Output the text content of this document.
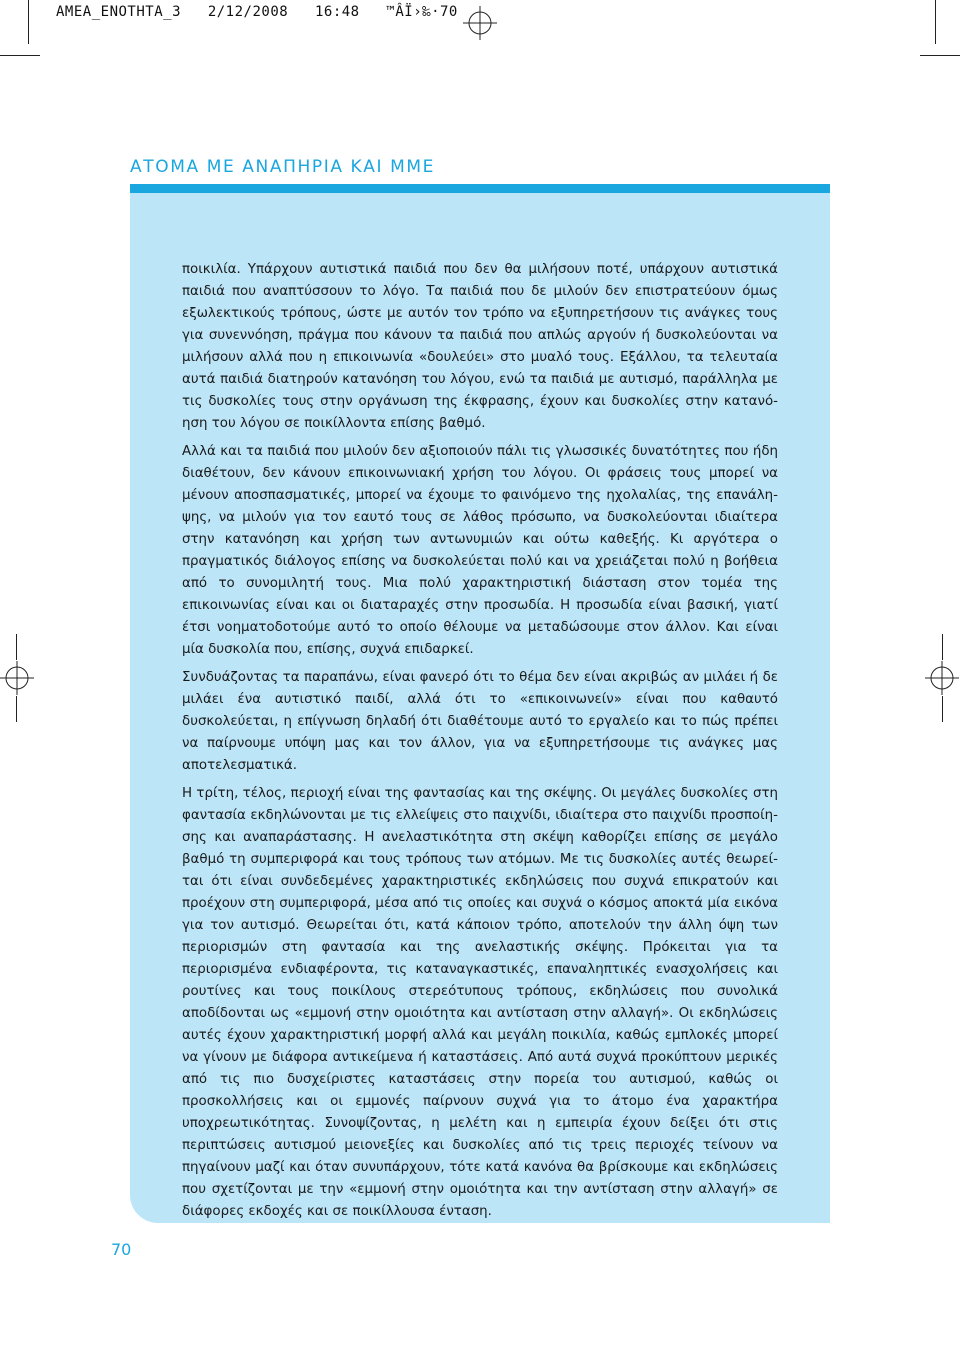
AMEA_ENOTHTA_3 2/12/2008 16:48 ™ÂÏ›‰·70
ΑΤΟΜΑ ΜΕ ΑΝΑΠΗΡΙΑ ΚΑΙ ΜΜΕ

ποικιλία. Υπάρχουν αυτιστικά παιδιά που δεν θα μιλήσουν ποτέ, υπάρχουν αυτιστικά παιδιά που αναπτύσσουν το λόγο. Τα παιδιά που δε μιλούν δεν επιστρατεύουν όμως εξωλεκτικούς τρόπους, ώστε με αυτόν τον τρόπο να εξυπηρετήσουν τις ανάγκες τους για συνεννόηση, πράγμα που κάνουν τα παιδιά που απλώς αργούν ή δυσκολεύονται να μιλήσουν αλλά που η επικοινωνία «δουλεύει» στο μυαλό τους. Εξάλλου, τα τελευταία αυτά παιδιά διατηρούν κατανόηση του λόγου, ενώ τα παιδιά με αυτισμό, παράλληλα με τις δυσκολίες τους στην οργάνωση της έκφρασης, έχουν και δυσκολίες στην κατανόηση του λόγου σε ποικίλλοντα επίσης βαθμό.

Αλλά και τα παιδιά που μιλούν δεν αξιοποιούν πάλι τις γλωσσικές δυνατότητες που ήδη διαθέτουν, δεν κάνουν επικοινωνιακή χρήση του λόγου. Οι φράσεις τους μπορεί να μένουν αποσπασματικές, μπορεί να έχουμε το φαινόμενο της ηχολαλίας, της επανάληψης, να μιλούν για τον εαυτό τους σε λάθος πρόσωπο, να δυσκολεύονται ιδιαίτερα στην κατανόηση και χρήση των αντωνυμιών και ούτω καθεξής. Κι αργότερα ο πραγματικός διάλογος επίσης να δυσκολεύεται πολύ και να χρειάζεται πολύ η βοήθεια από το συνομιλητή τους. Μια πολύ χαρακτηριστική διάσταση στον τομέα της επικοινωνίας είναι και οι διαταραχές στην προσωδία. Η προσωδία είναι βασική, γιατί έτσι νοηματοδοτούμε αυτό το οποίο θέλουμε να μεταδώσουμε στον άλλον. Και είναι μία δυσκολία που, επίσης, συχνά επιδαρκεί.

Συνδυάζοντας τα παραπάνω, είναι φανερό ότι το θέμα δεν είναι ακριβώς αν μιλάει ή δε μιλάει ένα αυτιστικό παιδί, αλλά ότι το «επικοινωνείν» είναι που καθαυτό δυσκολεύεται, η επίγνωση δηλαδή ότι διαθέτουμε αυτό το εργαλείο και το πώς πρέπει να παίρνουμε υπόψη μας και τον άλλον, για να εξυπηρετήσουμε τις ανάγκες μας αποτελεσματικά.

Η τρίτη, τέλος, περιοχή είναι της φαντασίας και της σκέψης. Οι μεγάλες δυσκολίες στη φαντασία εκδηλώνονται με τις ελλείψεις στο παιχνίδι, ιδιαίτερα στο παιχνίδι προσποίησης και αναπαράστασης. Η ανελαστικότητα στη σκέψη καθορίζει επίσης σε μεγάλο βαθμό τη συμπεριφορά και τους τρόπους των ατόμων. Με τις δυσκολίες αυτές θεωρείται ότι είναι συνδεδεμένες χαρακτηριστικές εκδηλώσεις που συχνά επικρατούν και προέχουν στη συμπεριφορά, μέσα από τις οποίες και συχνά ο κόσμος αποκτά μία εικόνα για τον αυτισμό. Θεωρείται ότι, κατά κάποιον τρόπο, αποτελούν την άλλη όψη των περιορισμών στη φαντασία και της ανελαστικής σκέψης. Πρόκειται για τα περιορισμένα ενδιαφέροντα, τις καταναγκαστικές, επαναληπτικές ενασχολήσεις και ρουτίνες και τους ποικίλους στερεότυπους τρόπους, εκδηλώσεις που συνολικά αποδίδονται ως «εμμονή στην ομοιότητα και αντίσταση στην αλλαγή». Οι εκδηλώσεις αυτές έχουν χαρακτηριστική μορφή αλλά και μεγάλη ποικιλία, καθώς εμπλοκές μπορεί να γίνουν με διάφορα αντικείμενα ή καταστάσεις. Από αυτά συχνά προκύπτουν μερικές από τις πιο δυσχείριστες καταστάσεις στην πορεία του αυτισμού, καθώς οι προσκολλήσεις και οι εμμονές παίρνουν συχνά για το άτομο ένα χαρακτήρα υποχρεωτικότητας. Συνοψίζοντας, η μελέτη και η εμπειρία έχουν δείξει ότι στις περιπτώσεις αυτισμού μειονεξίες και δυσκολίες από τις τρεις περιοχές τείνουν να πηγαίνουν μαζί και όταν συνυπάρχουν, τότε κατά κανόνα θα βρίσκουμε και εκδηλώσεις που σχετίζονται με την «εμμονή στην ομοιότητα και την αντίσταση στην αλλαγή» σε διάφορες εκδοχές και σε ποικίλλουσα ένταση.

70
